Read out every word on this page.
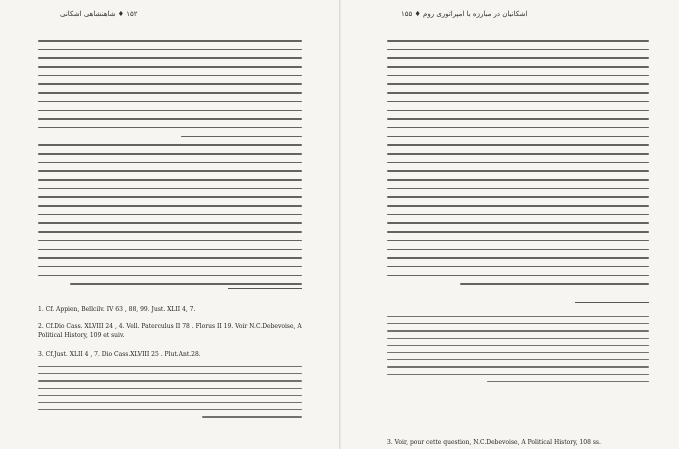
۱۵۲ ♦ شاهنشاهی اشکانی
1. Cf. Appien, Bellcilv. IV 63 , 88, 99. Just. XLII 4, 7.
2. Cf.Dio Cass. XLVIII 24 , 4. Vell. Paterculus II 78 . Florus II 19. Voir N.C.Debevoise, A Political History, 109 et suiv.
3. Cf.Just. XLII 4 , 7. Dio Cass.XLVIII 25 . Plut.Ant.28.
اشکانیان در مبارزه با امپراتوری روم ♦ ۱۵۵
3. Voir, pour cette question, N.C.Debevoise, A Political History, 108 ss.
